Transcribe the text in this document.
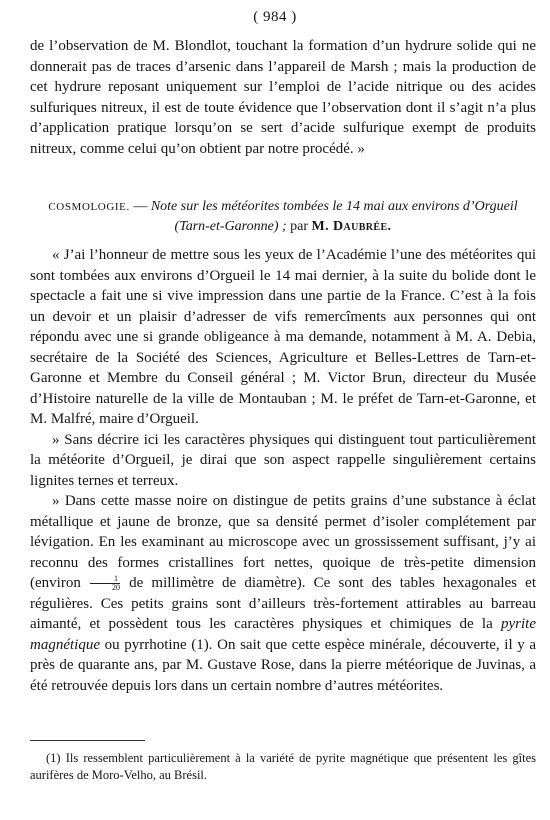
( 984 )

de l’observation de M. Blondlot, touchant la formation d’un hydrure solide qui ne donnerait pas de traces d’arsenic dans l’appareil de Marsh ; mais la production de cet hydrure reposant uniquement sur l’emploi de l’acide nitrique ou des acides sulfuriques nitreux, il est de toute évidence que l’observation dont il s’agit n’a plus d’application pratique lorsqu’on se sert d’acide sulfurique exempt de produits nitreux, comme celui qu’on obtient par notre procédé. »

COSMOLOGIE. — Note sur les météorites tombées le 14 mai aux environs d’Orgueil (Tarn-et-Garonne) ; par M. Daubrée.

« J’ai l’honneur de mettre sous les yeux de l’Académie l’une des météorites qui sont tombées aux environs d’Orgueil le 14 mai dernier, à la suite du bolide dont le spectacle a fait une si vive impression dans une partie de la France. C’est à la fois un devoir et un plaisir d’adresser de vifs remercîments aux personnes qui ont répondu avec une si grande obligeance à ma demande, notamment à M. A. Debia, secrétaire de la Société des Sciences, Agriculture et Belles-Lettres de Tarn-et-Garonne et Membre du Conseil général ; M. Victor Brun, directeur du Musée d’Histoire naturelle de la ville de Montauban ; M. le préfet de Tarn-et-Garonne, et M. Malfré, maire d’Orgueil.

» Sans décrire ici les caractères physiques qui distinguent tout particulièrement la météorite d’Orgueil, je dirai que son aspect rappelle singulièrement certains lignites ternes et terreux.

» Dans cette masse noire on distingue de petits grains d’une substance à éclat métallique et jaune de bronze, que sa densité permet d’isoler complétement par lévigation. En les examinant au microscope avec un grossissement suffisant, j’y ai reconnu des formes cristallines fort nettes, quoique de très-petite dimension (environ $\frac{1}{20}$ de millimètre de diamètre). Ce sont des tables hexagonales et régulières. Ces petits grains sont d’ailleurs très-fortement attirables au barreau aimanté, et possèdent tous les caractères physiques et chimiques de la pyrite magnétique ou pyrrhotine (1). On sait que cette espèce minérale, découverte, il y a près de quarante ans, par M. Gustave Rose, dans la pierre météorique de Juvinas, a été retrouvée depuis lors dans un certain nombre d’autres météorites.

(1) Ils ressemblent particulièrement à la variété de pyrite magnétique que présentent les gîtes aurifères de Moro-Velho, au Brésil.
